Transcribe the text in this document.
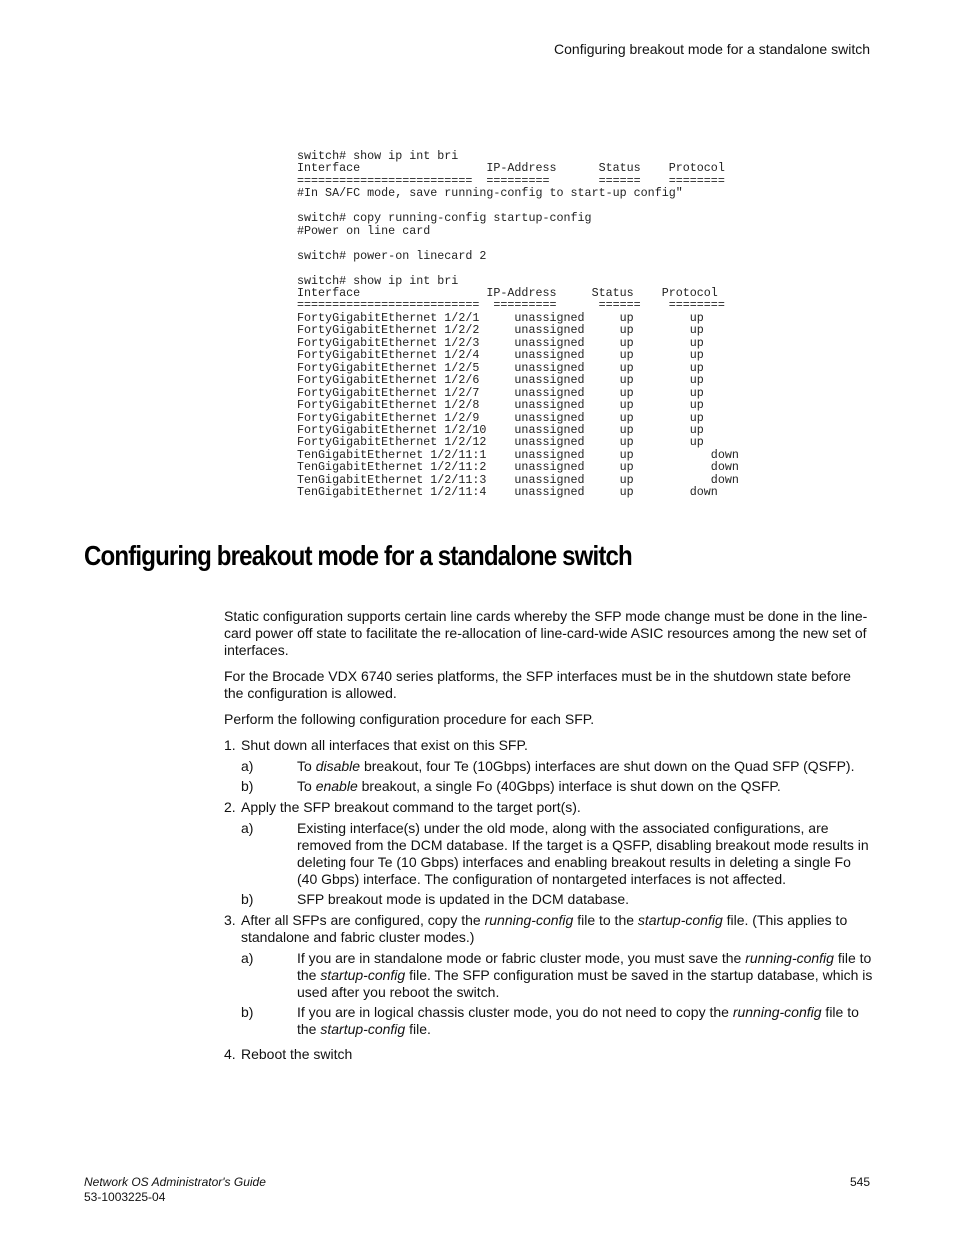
Configuring breakout mode for a standalone switch
switch# show ip int bri
Interface                  IP-Address      Status    Protocol
=========================  =========       ======    ========
#In SA/FC mode, save running-config to start-up config"

switch# copy running-config startup-config
#Power on line card

switch# power-on linecard 2

switch# show ip int bri
Interface                  IP-Address     Status    Protocol
==========================  =========      ======    ========
FortyGigabitEthernet 1/2/1     unassigned     up        up
FortyGigabitEthernet 1/2/2     unassigned     up        up
FortyGigabitEthernet 1/2/3     unassigned     up        up
FortyGigabitEthernet 1/2/4     unassigned     up        up
FortyGigabitEthernet 1/2/5     unassigned     up        up
FortyGigabitEthernet 1/2/6     unassigned     up        up
FortyGigabitEthernet 1/2/7     unassigned     up        up
FortyGigabitEthernet 1/2/8     unassigned     up        up
FortyGigabitEthernet 1/2/9     unassigned     up        up
FortyGigabitEthernet 1/2/10    unassigned     up        up
FortyGigabitEthernet 1/2/12    unassigned     up        up
TenGigabitEthernet 1/2/11:1    unassigned     up           down
TenGigabitEthernet 1/2/11:2    unassigned     up           down
TenGigabitEthernet 1/2/11:3    unassigned     up           down
TenGigabitEthernet 1/2/11:4    unassigned     up        down
Configuring breakout mode for a standalone switch

Static configuration supports certain line cards whereby the SFP mode change must be done in the line-card power off state to facilitate the re-allocation of line-card-wide ASIC resources among the new set of interfaces.

For the Brocade VDX 6740 series platforms, the SFP interfaces must be in the shutdown state before the configuration is allowed.

Perform the following configuration procedure for each SFP.

1. Shut down all interfaces that exist on this SFP.
a)	To disable breakout, four Te (10Gbps) interfaces are shut down on the Quad SFP (QSFP).
b)	To enable breakout, a single Fo (40Gbps) interface is shut down on the QSFP.
2. Apply the SFP breakout command to the target port(s).
a)	Existing interface(s) under the old mode, along with the associated configurations, are removed from the DCM database. If the target is a QSFP, disabling breakout mode results in deleting four Te (10 Gbps) interfaces and enabling breakout results in deleting a single Fo (40 Gbps) interface. The configuration of nontargeted interfaces is not affected.
b)	SFP breakout mode is updated in the DCM database.
3. After all SFPs are configured, copy the running-config file to the startup-config file. (This applies to standalone and fabric cluster modes.)
a)	If you are in standalone mode or fabric cluster mode, you must save the running-config file to the startup-config file. The SFP configuration must be saved in the startup database, which is used after you reboot the switch.
b)	If you are in logical chassis cluster mode, you do not need to copy the running-config file to the startup-config file.
4. Reboot the switch
Network OS Administrator's Guide
53-1003225-04
545
